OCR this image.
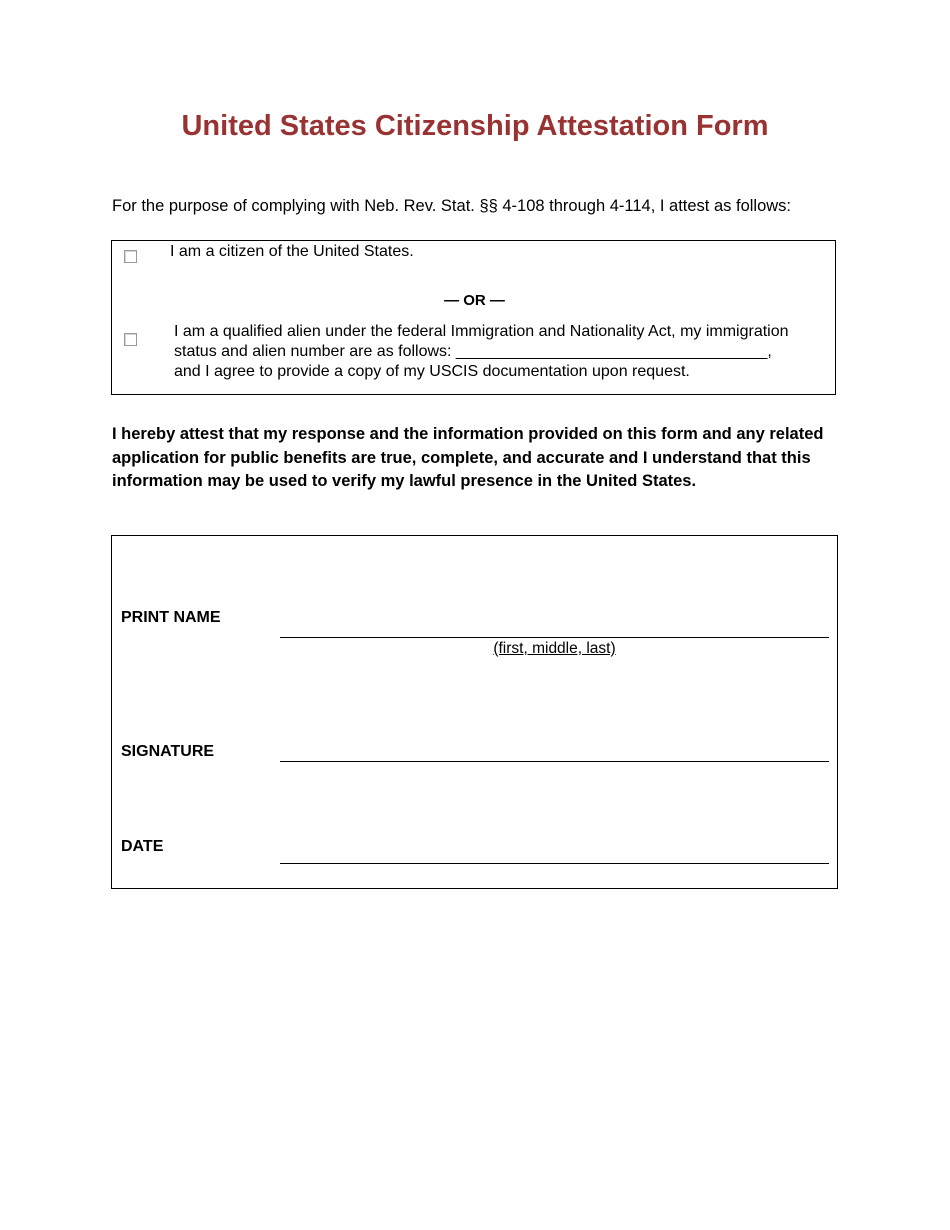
United States Citizenship Attestation Form

For the purpose of complying with Neb. Rev. Stat. §§ 4-108 through 4-114, I attest as follows:

I am a citizen of the United States.

— OR —

I am a qualified alien under the federal Immigration and Nationality Act, my immigration
status and alien number are as follows: ___________________________________,
and I agree to provide a copy of my USCIS documentation upon request.

I hereby attest that my response and the information provided on this form and any related application for public benefits are true, complete, and accurate and I understand that this information may be used to verify my lawful presence in the United States.

PRINT NAME

(first, middle, last)

SIGNATURE

DATE
